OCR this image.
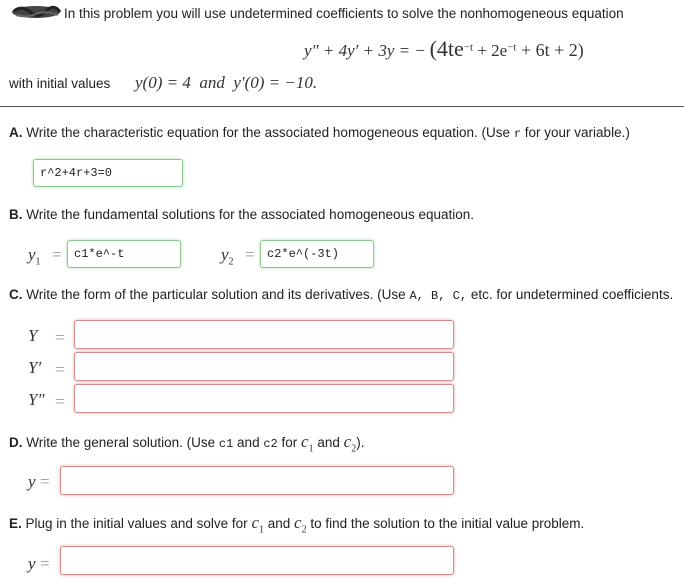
In this problem you will use undetermined coefficients to solve the nonhomogeneous equation
y″ + 4y′ + 3y = − $(4te^{-t} + 2e^{-t} + 6t + 2)$
with initial values y(0) = 4  and  y′(0) = −10.
A. Write the characteristic equation for the associated homogeneous equation. (Use r for your variable.)
r^2+4r+3=0
B. Write the fundamental solutions for the associated homogeneous equation.
$y_1$ =	c1*e^-t	$y_2$ =	c2*e^(-3t)
C. Write the form of the particular solution and its derivatives. (Use A, B, C, etc. for undetermined coefficients.
Y =
Y′ =
Y″ =
D. Write the general solution. (Use c1 and c2 for $c_1$ and $c_2$).
y =
E. Plug in the initial values and solve for $c_1$ and $c_2$ to find the solution to the initial value problem.
y =
